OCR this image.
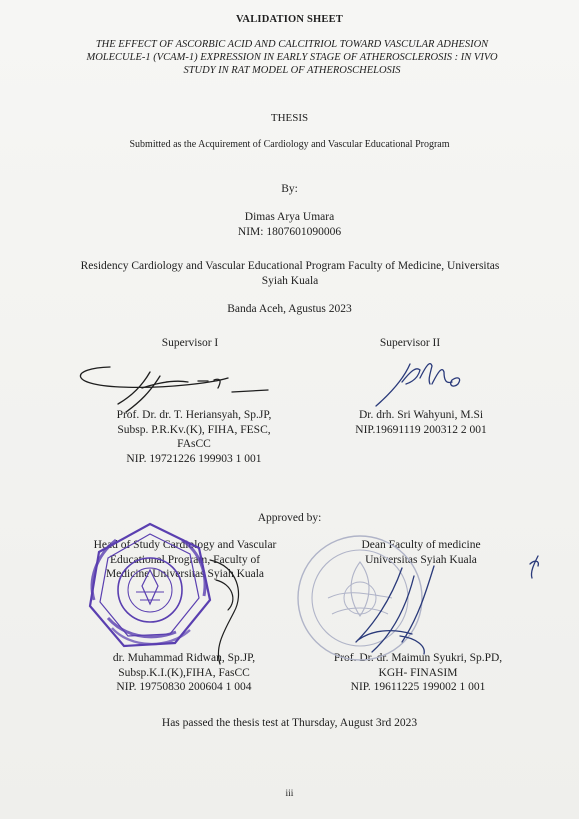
VALIDATION SHEET
THE EFFECT OF ASCORBIC ACID AND CALCITRIOL TOWARD VASCULAR ADHESION MOLECULE-1 (VCAM-1) EXPRESSION IN EARLY STAGE OF ATHEROSCLEROSIS : IN VIVO STUDY IN RAT MODEL OF ATHEROSCHELOSIS
THESIS
Submitted as the Acquirement of Cardiology and Vascular Educational Program
By:
Dimas Arya Umara
NIM: 1807601090006
Residency Cardiology and Vascular Educational Program Faculty of Medicine, Universitas Syiah Kuala
Banda Aceh, Agustus 2023
Supervisor I	Supervisor II
Prof. Dr. dr. T. Heriansyah, Sp.JP,
Subsp. P.R.Kv.(K), FIHA, FESC,
FAsCC
NIP. 19721226 199903 1 001
Dr. drh. Sri Wahyuni, M.Si
NIP.19691119 200312 2 001
Approved by:
Head of Study Cardiology and Vascular
Educational Program, Faculty of
Medicine Universitas Syiah Kuala
Dean Faculty of medicine
Universitas Syiah Kuala
dr. Muhammad Ridwan, Sp.JP,
Subsp.K.I.(K),FIHA, FasCC
NIP. 19750830 200604 1 004
Prof. Dr. dr. Maimun Syukri, Sp.PD,
KGH- FINASIM
NIP. 19611225 199002 1 001
Has passed the thesis test at Thursday, August 3rd 2023
iii
